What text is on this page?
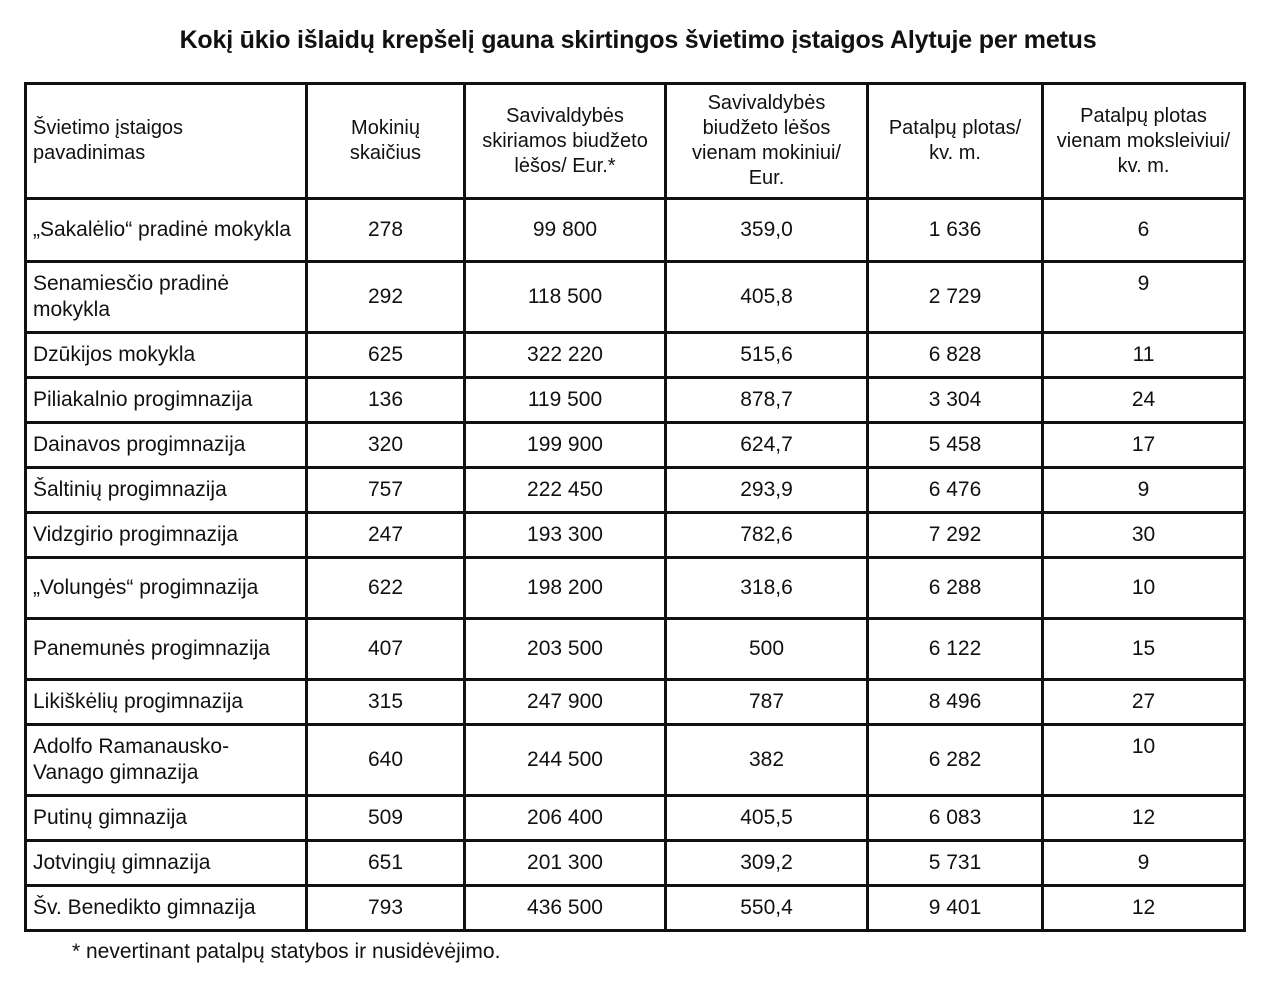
Kokį ūkio išlaidų krepšelį gauna skirtingos švietimo įstaigos Alytuje per metus
Švietimo įstaigos pavadinimas	Mokinių skaičius	Savivaldybės skiriamos biudžeto lėšos/ Eur.*	Savivaldybės biudžeto lėšos vienam mokiniui/ Eur.	Patalpų plotas/ kv. m.	Patalpų plotas vienam moksleiviui/ kv. m.
„Sakalėlio“ pradinė mokykla	278	99 800	359,0	1 636	6
Senamiesčio pradinė mokykla	292	118 500	405,8	2 729	9
Dzūkijos mokykla	625	322 220	515,6	6 828	11
Piliakalnio progimnazija	136	119 500	878,7	3 304	24
Dainavos progimnazija	320	199 900	624,7	5 458	17
Šaltinių progimnazija	757	222 450	293,9	6 476	9
Vidzgirio progimnazija	247	193 300	782,6	7 292	30
„Volungės“ progimnazija	622	198 200	318,6	6 288	10
Panemunės progimnazija	407	203 500	500	6 122	15
Likiškėlių progimnazija	315	247 900	787	8 496	27
Adolfo Ramanausko-Vanago gimnazija	640	244 500	382	6 282	10
Putinų gimnazija	509	206 400	405,5	6 083	12
Jotvingių gimnazija	651	201 300	309,2	5 731	9
Šv. Benedikto gimnazija	793	436 500	550,4	9 401	12
* nevertinant patalpų statybos ir nusidėvėjimo.
